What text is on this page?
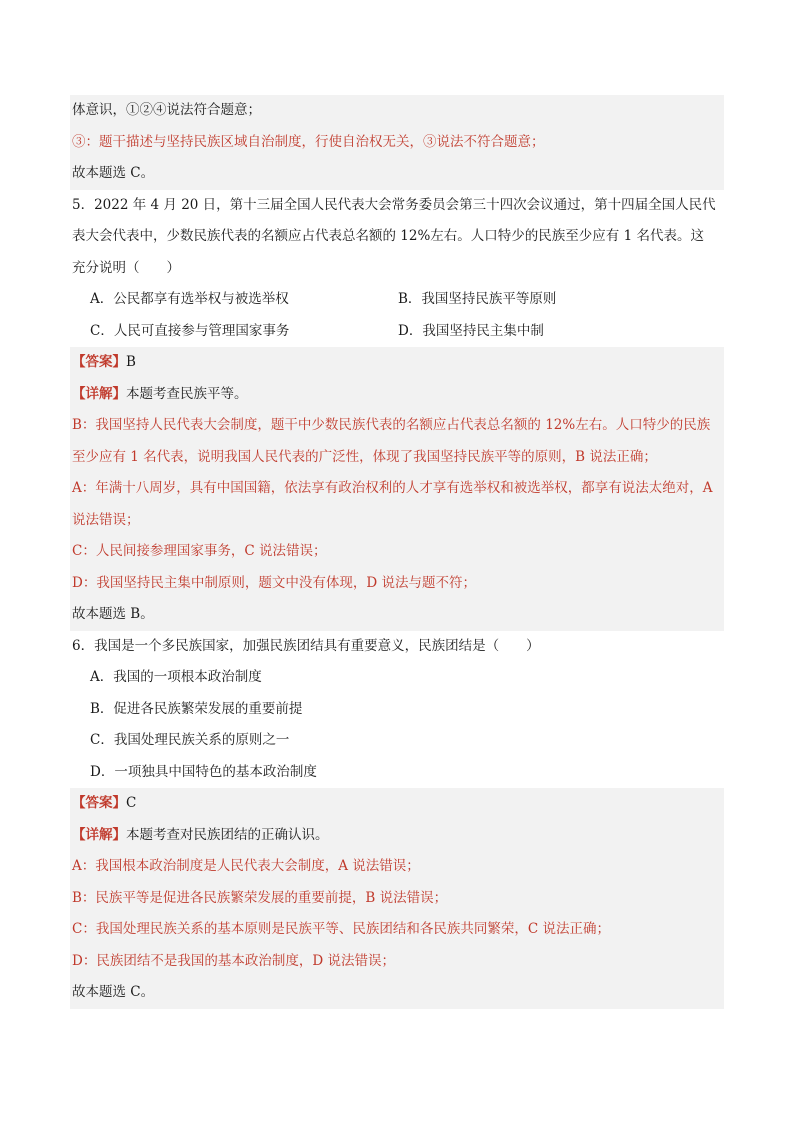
体意识，①②④说法符合题意；
③：题干描述与坚持民族区域自治制度，行使自治权无关，③说法不符合题意；
故本题选 C。
5．2022 年 4 月 20 日，第十三届全国人民代表大会常务委员会第三十四次会议通过，第十四届全国人民代
表大会代表中，少数民族代表的名额应占代表总名额的 12%左右。人口特少的民族至少应有 1 名代表。这
充分说明（　　）
A．公民都享有选举权与被选举权	B．我国坚持民族平等原则
C．人民可直接参与管理国家事务	D．我国坚持民主集中制
【答案】B
【详解】本题考查民族平等。
B：我国坚持人民代表大会制度，题干中少数民族代表的名额应占代表总名额的 12%左右。人口特少的民族
至少应有 1 名代表，说明我国人民代表的广泛性，体现了我国坚持民族平等的原则，B 说法正确；
A：年满十八周岁，具有中国国籍，依法享有政治权利的人才享有选举权和被选举权，都享有说法太绝对，A
说法错误；
C：人民间接参理国家事务，C 说法错误；
D：我国坚持民主集中制原则，题文中没有体现，D 说法与题不符；
故本题选 B。
6．我国是一个多民族国家，加强民族团结具有重要意义，民族团结是（　　）
A．我国的一项根本政治制度
B．促进各民族繁荣发展的重要前提
C．我国处理民族关系的原则之一
D．一项独具中国特色的基本政治制度
【答案】C
【详解】本题考查对民族团结的正确认识。
A：我国根本政治制度是人民代表大会制度，A 说法错误；
B：民族平等是促进各民族繁荣发展的重要前提，B 说法错误；
C：我国处理民族关系的基本原则是民族平等、民族团结和各民族共同繁荣，C 说法正确；
D：民族团结不是我国的基本政治制度，D 说法错误；
故本题选 C。
